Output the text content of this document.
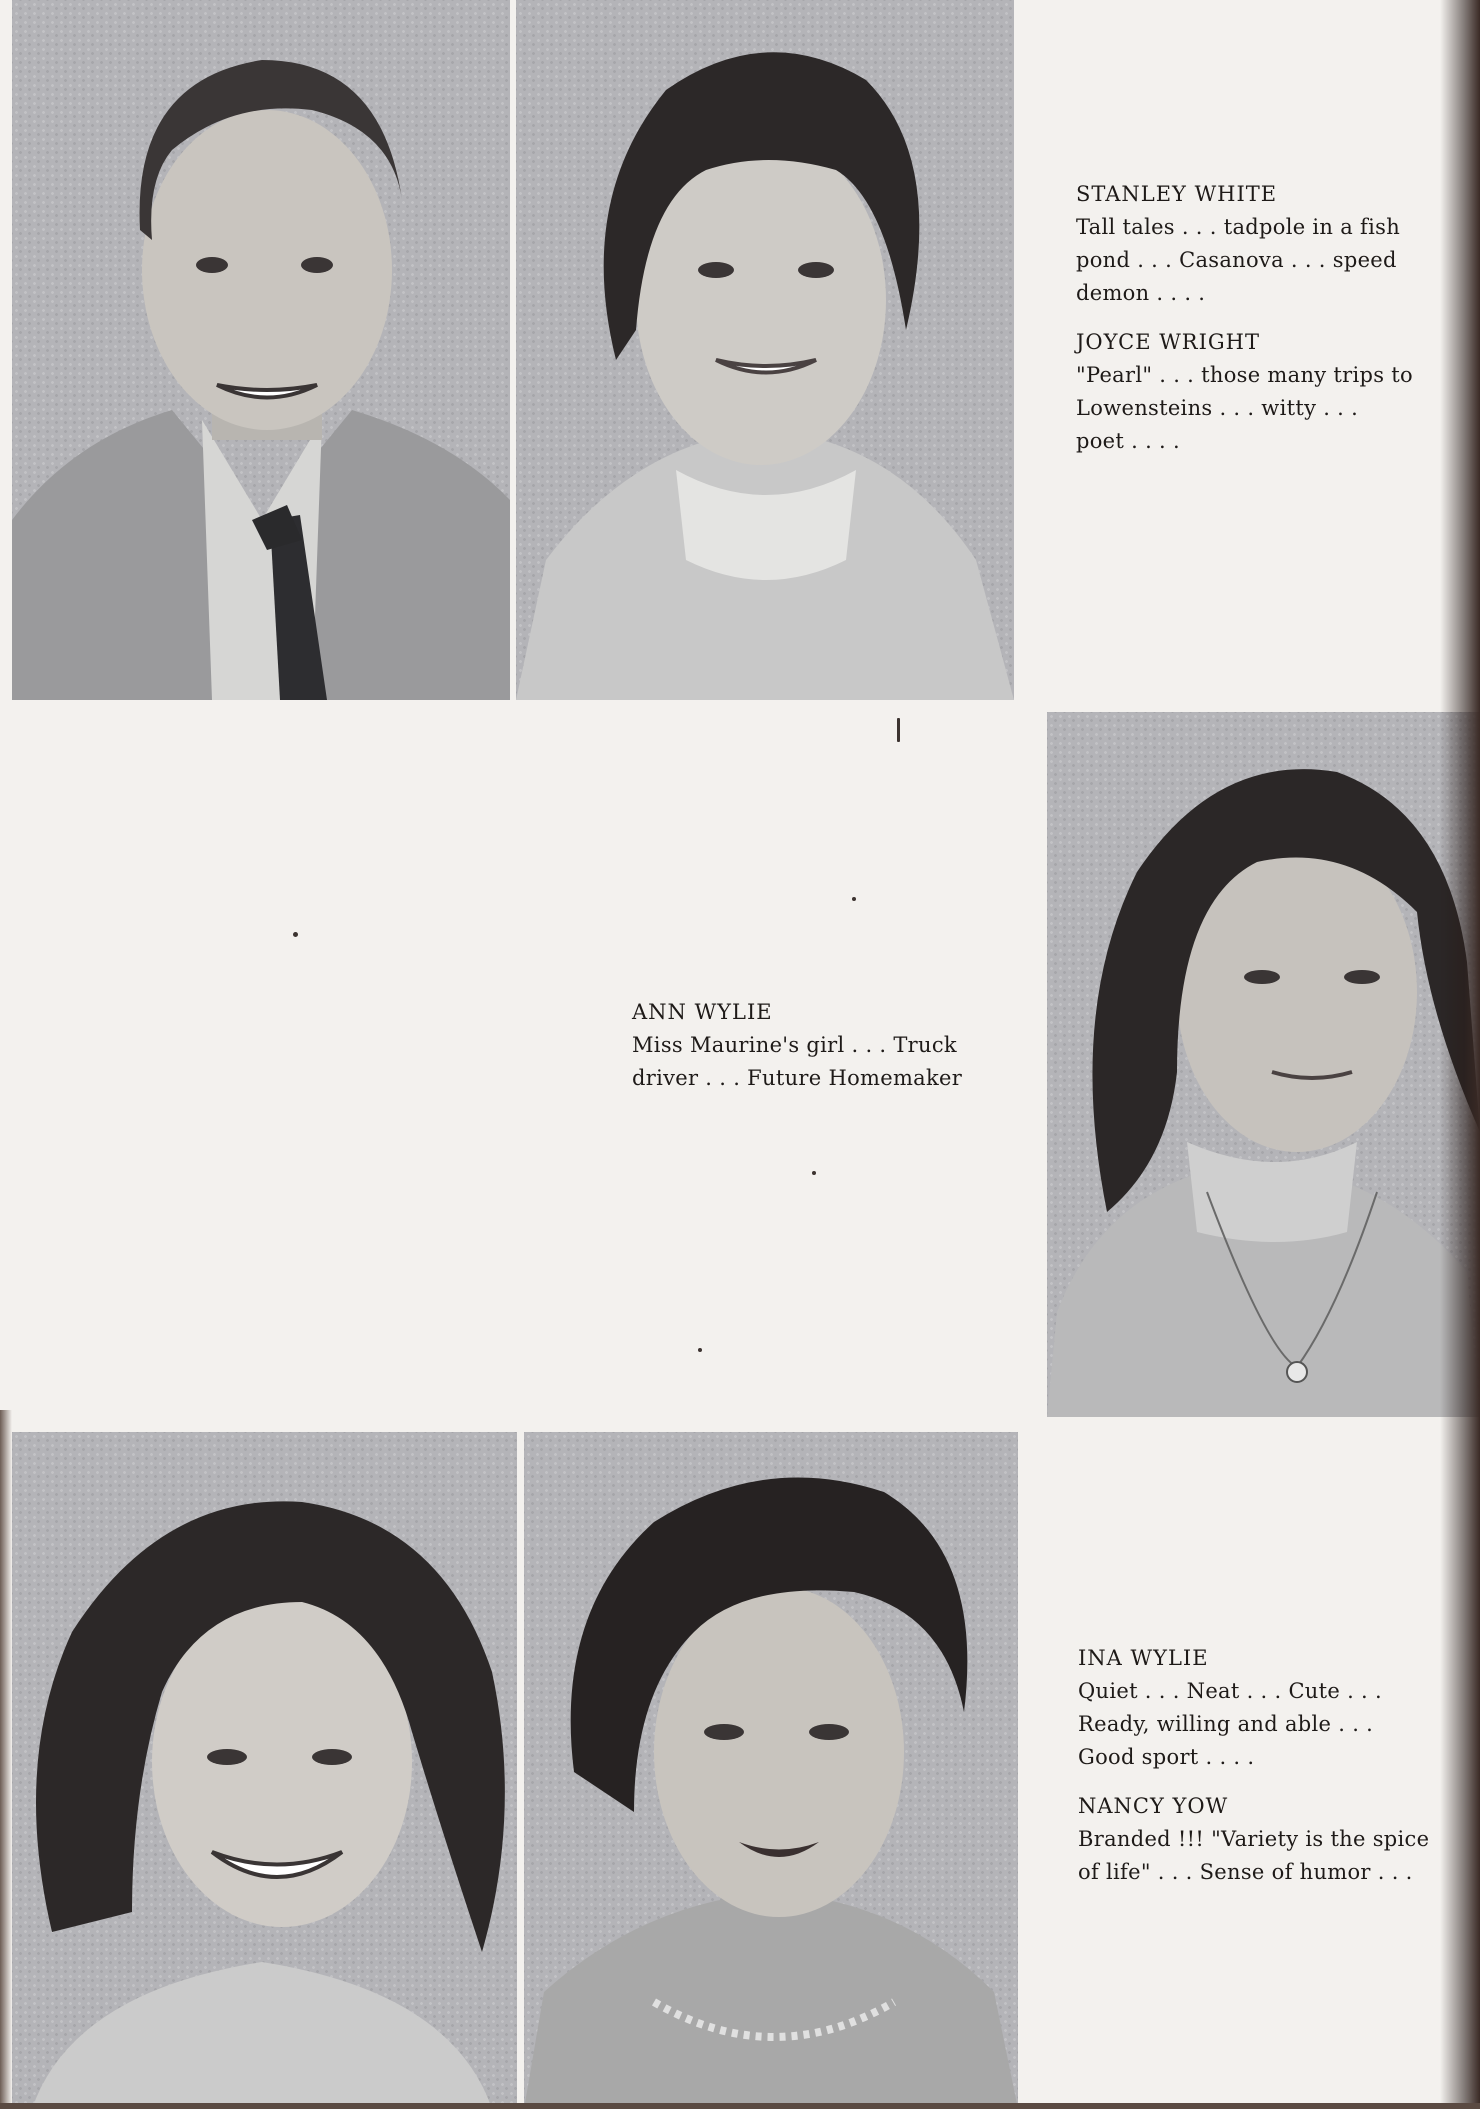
STANLEY WHITE
Tall tales . . . tadpole in a fish
pond . . . Casanova . . . speed
demon . . . .
JOYCE WRIGHT
"Pearl" . . . those many trips to
Lowensteins . . . witty . . .
poet . . . .
ANN WYLIE
Miss Maurine's girl . . . Truck
driver . . . Future Homemaker
INA WYLIE
Quiet . . . Neat . . . Cute . . .
Ready, willing and able . . .
Good sport . . . .
NANCY YOW
Branded !!! "Variety is the spice
of life" . . . Sense of humor . . .
